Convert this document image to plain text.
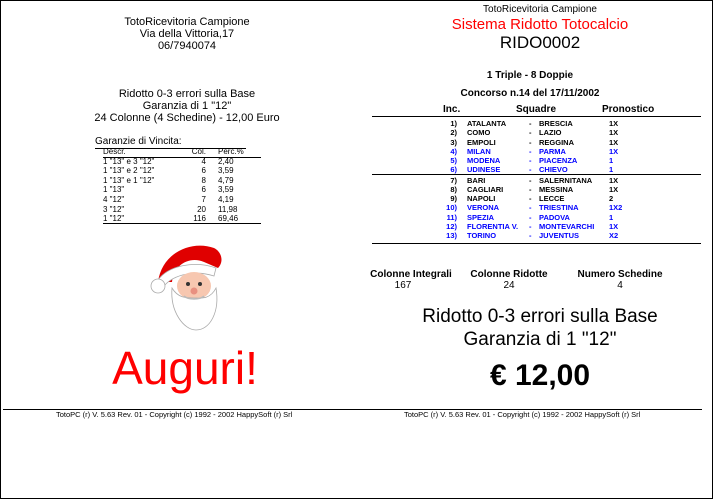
TotoRicevitoria Campione
Via della Vittoria,17
06/7940074
Ridotto 0-3 errori sulla Base
Garanzia di 1 "12"
24 Colonne (4 Schedine) - 12,00 Euro
Garanzie di Vincita:
Descr.	Col.	Perc.%
1 "13" e 3 "12"	4	2,40
1 "13" e 2 "12"	6	3,59
1 "13" e 1 "12"	8	4,79
1 "13"	6	3,59
4 "12"	7	4,19
3 "12"	20	11,98
1 "12"	116	69,46
Auguri!
TotoPC (r) V. 5.63 Rev. 01 - Copyright (c) 1992 - 2002 HappySoft (r) Srl
TotoRicevitoria Campione
Sistema Ridotto Totocalcio
RIDO0002
1 Triple - 8 Doppie
Concorso n.14 del 17/11/2002
Inc.	Squadre	Pronostico
1) ATALANTA	- BRESCIA	1X
2) COMO	- LAZIO	1X
3) EMPOLI	- REGGINA	1X
4) MILAN	- PARMA	1X
5) MODENA	- PIACENZA	1
6) UDINESE	- CHIEVO	1
7) BARI	- SALERNITANA 1X
8) CAGLIARI	- MESSINA	1X
9) NAPOLI	- LECCE	2
10) VERONA	- TRIESTINA	1X2
11) SPEZIA	- PADOVA	1
12) FLORENTIA V. - MONTEVARCHI 1X
13) TORINO	- JUVENTUS	X2
Colonne Integrali	Colonne Ridotte	Numero Schedine
167	24	4
Ridotto 0-3 errori sulla Base
Garanzia di 1 "12"
€ 12,00
TotoPC (r) V. 5.63 Rev. 01 - Copyright (c) 1992 - 2002 HappySoft (r) Srl
